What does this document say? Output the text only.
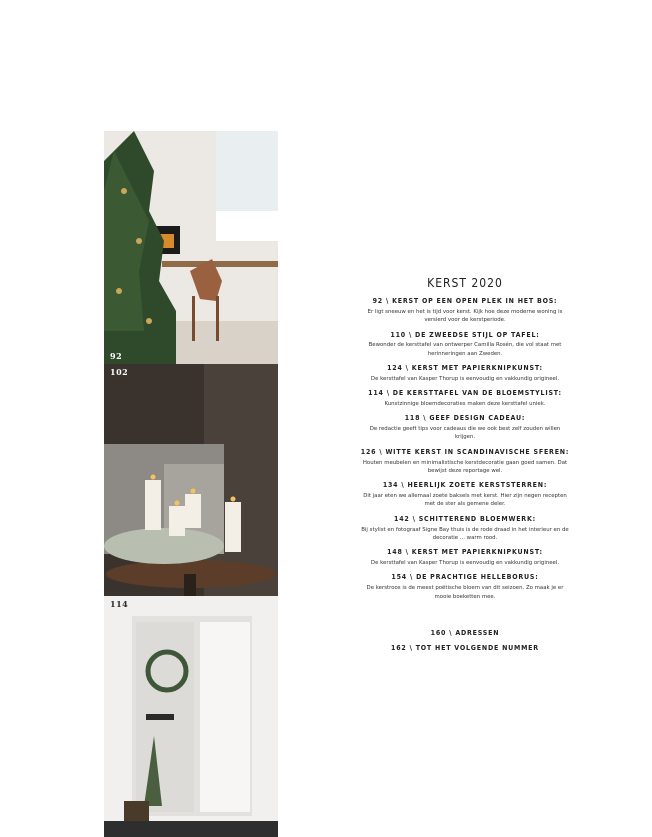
92
102
114
KERST 2020
92 \ KERST OP EEN OPEN PLEK IN HET BOS:
Er ligt sneeuw en het is tijd voor kerst. Kijk hoe deze moderne woning is versierd voor de kerstperiode.
110 \ DE ZWEEDSE STIJL OP TAFEL:
Bewonder de kersttafel van ontwerper Camilla Rosén, die vol staat met herinneringen aan Zweden.
124 \ KERST MET PAPIERKNIPKUNST:
De kersttafel van Kasper Thorup is eenvoudig en vakkundig origineel.
114 \ DE KERSTTAFEL VAN DE BLOEMSTYLIST:
Kunstzinnige bloemdecoraties maken deze kersttafel uniek.
118 \ GEEF DESIGN CADEAU:
De redactie geeft tips voor cadeaus die we ook best zelf zouden willen krijgen.
126 \ WITTE KERST IN SCANDINAVISCHE SFEREN:
Houten meubelen en minimalistische kerstdecoratie gaan goed samen. Dat bewijst deze reportage wel.
134 \ HEERLIJK ZOETE KERSTSTERREN:
Dit jaar eten we allemaal zoete baksels met kerst. Hier zijn negen recepten met de ster als gemene deler.
142 \ SCHITTEREND BLOEMWERK:
Bij stylist en fotograaf Signe Bay thuis is de rode draad in het interieur en de decoratie ... warm rood.
148 \ KERST MET PAPIERKNIPKUNST:
De kersttafel van Kasper Thorup is eenvoudig en vakkundig origineel.
154 \ DE PRACHTIGE HELLEBORUS:
De kerstroos is de meest poëtische bloem van dit seizoen. Zo maak je er mooie boeketten mee.
160 \ ADRESSEN
162 \ TOT HET VOLGENDE NUMMER
